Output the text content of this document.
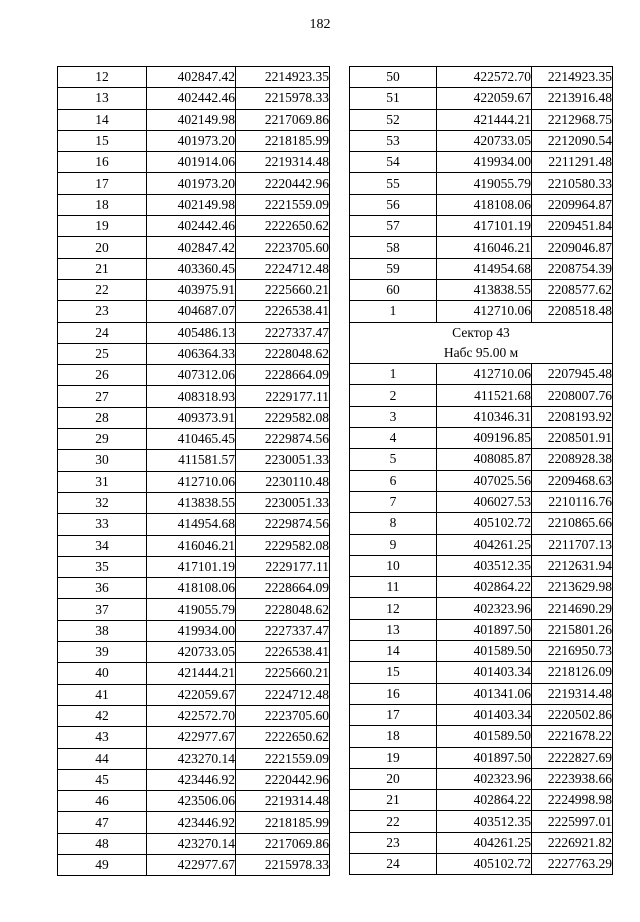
182
12	402847.42	2214923.35
13	402442.46	2215978.33
14	402149.98	2217069.86
15	401973.20	2218185.99
16	401914.06	2219314.48
17	401973.20	2220442.96
18	402149.98	2221559.09
19	402442.46	2222650.62
20	402847.42	2223705.60
21	403360.45	2224712.48
22	403975.91	2225660.21
23	404687.07	2226538.41
24	405486.13	2227337.47
25	406364.33	2228048.62
26	407312.06	2228664.09
27	408318.93	2229177.11
28	409373.91	2229582.08
29	410465.45	2229874.56
30	411581.57	2230051.33
31	412710.06	2230110.48
32	413838.55	2230051.33
33	414954.68	2229874.56
34	416046.21	2229582.08
35	417101.19	2229177.11
36	418108.06	2228664.09
37	419055.79	2228048.62
38	419934.00	2227337.47
39	420733.05	2226538.41
40	421444.21	2225660.21
41	422059.67	2224712.48
42	422572.70	2223705.60
43	422977.67	2222650.62
44	423270.14	2221559.09
45	423446.92	2220442.96
46	423506.06	2219314.48
47	423446.92	2218185.99
48	423270.14	2217069.86
49	422977.67	2215978.33
50	422572.70	2214923.35
51	422059.67	2213916.48
52	421444.21	2212968.75
53	420733.05	2212090.54
54	419934.00	2211291.48
55	419055.79	2210580.33
56	418108.06	2209964.87
57	417101.19	2209451.84
58	416046.21	2209046.87
59	414954.68	2208754.39
60	413838.55	2208577.62
1	412710.06	2208518.48
Сектор 43		
Набс 95.00 м		
1	412710.06	2207945.48
2	411521.68	2208007.76
3	410346.31	2208193.92
4	409196.85	2208501.91
5	408085.87	2208928.38
6	407025.56	2209468.63
7	406027.53	2210116.76
8	405102.72	2210865.66
9	404261.25	2211707.13
10	403512.35	2212631.94
11	402864.22	2213629.98
12	402323.96	2214690.29
13	401897.50	2215801.26
14	401589.50	2216950.73
15	401403.34	2218126.09
16	401341.06	2219314.48
17	401403.34	2220502.86
18	401589.50	2221678.22
19	401897.50	2222827.69
20	402323.96	2223938.66
21	402864.22	2224998.98
22	403512.35	2225997.01
23	404261.25	2226921.82
24	405102.72	2227763.29
